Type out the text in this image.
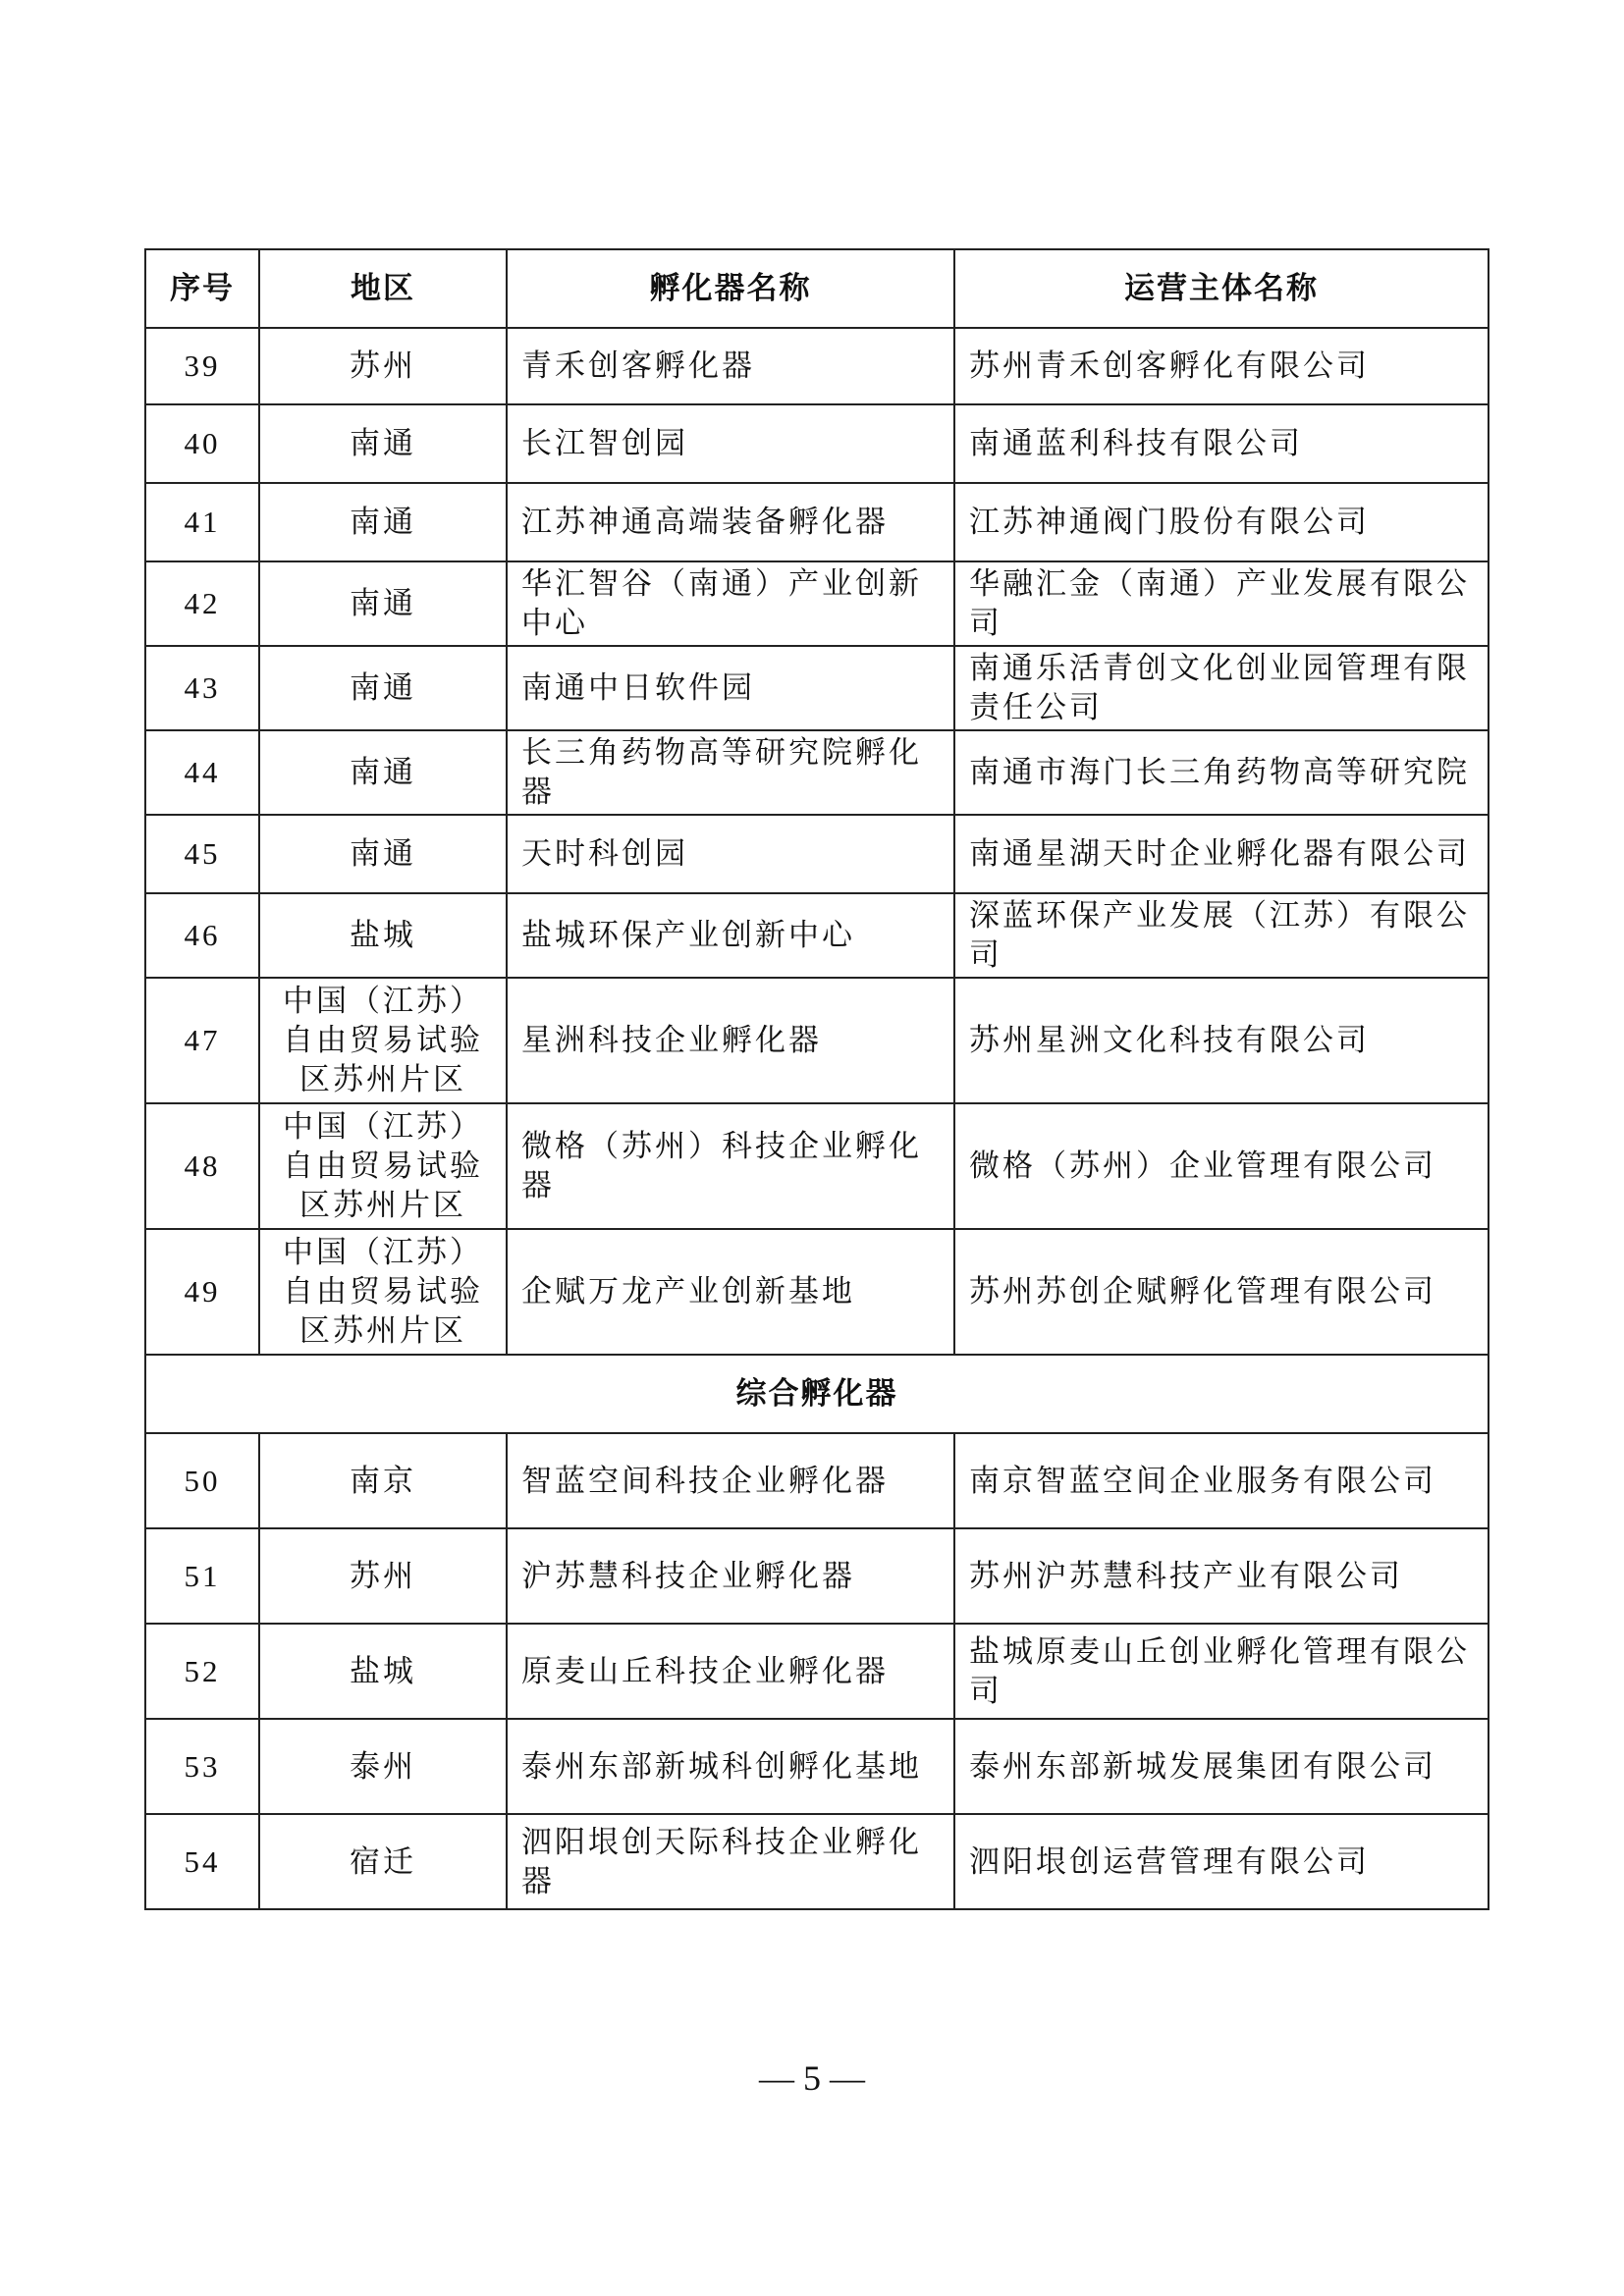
序号	地区	孵化器名称	运营主体名称
39	苏州	青禾创客孵化器	苏州青禾创客孵化有限公司
40	南通	长江智创园	南通蓝利科技有限公司
41	南通	江苏神通高端装备孵化器	江苏神通阀门股份有限公司
42	南通	华汇智谷（南通）产业创新中心	华融汇金（南通）产业发展有限公司
43	南通	南通中日软件园	南通乐活青创文化创业园管理有限责任公司
44	南通	长三角药物高等研究院孵化器	南通市海门长三角药物高等研究院
45	南通	天时科创园	南通星湖天时企业孵化器有限公司
46	盐城	盐城环保产业创新中心	深蓝环保产业发展（江苏）有限公司
47	中国（江苏）自由贸易试验区苏州片区	星洲科技企业孵化器	苏州星洲文化科技有限公司
48	中国（江苏）自由贸易试验区苏州片区	微格（苏州）科技企业孵化器	微格（苏州）企业管理有限公司
49	中国（江苏）自由贸易试验区苏州片区	企赋万龙产业创新基地	苏州苏创企赋孵化管理有限公司
综合孵化器			
50	南京	智蓝空间科技企业孵化器	南京智蓝空间企业服务有限公司
51	苏州	沪苏慧科技企业孵化器	苏州沪苏慧科技产业有限公司
52	盐城	原麦山丘科技企业孵化器	盐城原麦山丘创业孵化管理有限公司
53	泰州	泰州东部新城科创孵化基地	泰州东部新城发展集团有限公司
54	宿迁	泗阳垠创天际科技企业孵化器	泗阳垠创运营管理有限公司
— 5 —
